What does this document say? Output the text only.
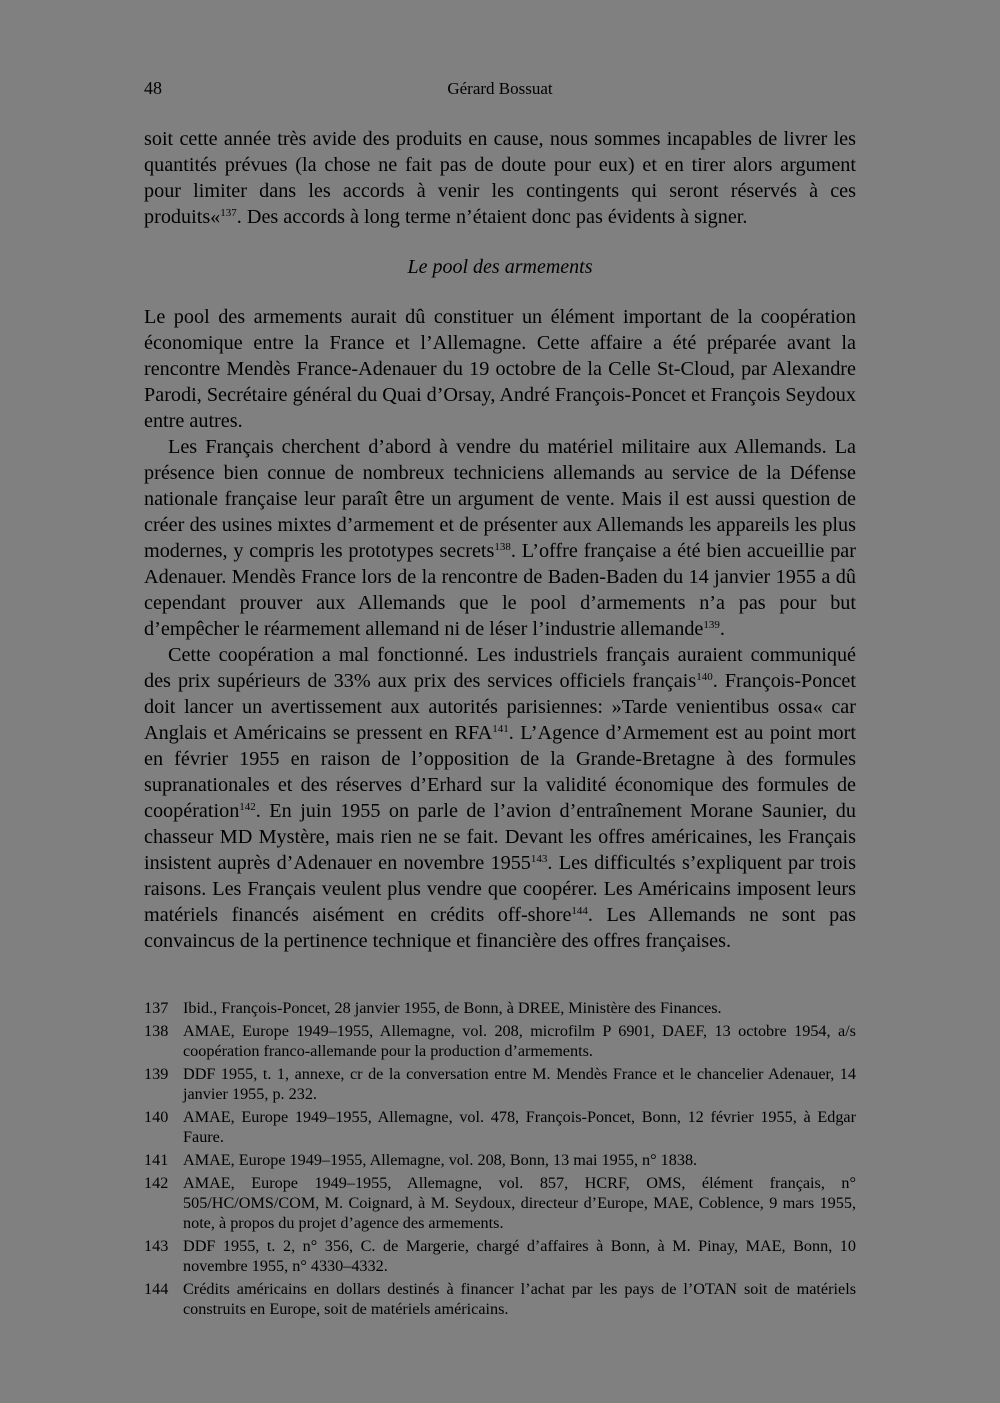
48	Gérard Bossuat

soit cette année très avide des produits en cause, nous sommes incapables de livrer les quantités prévues (la chose ne fait pas de doute pour eux) et en tirer alors argument pour limiter dans les accords à venir les contingents qui seront réservés à ces produits«$^{137}$. Des accords à long terme n’étaient donc pas évidents à signer.

Le pool des armements

Le pool des armements aurait dû constituer un élément important de la coopération économique entre la France et l’Allemagne. Cette affaire a été préparée avant la rencontre Mendès France-Adenauer du 19 octobre de la Celle St-Cloud, par Alexandre Parodi, Secrétaire général du Quai d’Orsay, André François-Poncet et François Seydoux entre autres.

Les Français cherchent d’abord à vendre du matériel militaire aux Allemands. La présence bien connue de nombreux techniciens allemands au service de la Défense nationale française leur paraît être un argument de vente. Mais il est aussi question de créer des usines mixtes d’armement et de présenter aux Allemands les appareils les plus modernes, y compris les prototypes secrets$^{138}$. L’offre française a été bien accueillie par Adenauer. Mendès France lors de la rencontre de Baden-Baden du 14 janvier 1955 a dû cependant prouver aux Allemands que le pool d’armements n’a pas pour but d’empêcher le réarmement allemand ni de léser l’industrie allemande$^{139}$.

Cette coopération a mal fonctionné. Les industriels français auraient communiqué des prix supérieurs de 33% aux prix des services officiels français$^{140}$. François-Poncet doit lancer un avertissement aux autorités parisiennes: »Tarde venientibus ossa« car Anglais et Américains se pressent en RFA$^{141}$. L’Agence d’Armement est au point mort en février 1955 en raison de l’opposition de la Grande-Bretagne à des formules supranationales et des réserves d’Erhard sur la validité économique des formules de coopération$^{142}$. En juin 1955 on parle de l’avion d’entraînement Morane Saunier, du chasseur MD Mystère, mais rien ne se fait. Devant les offres américaines, les Français insistent auprès d’Adenauer en novembre 1955$^{143}$. Les difficultés s’expliquent par trois raisons. Les Français veulent plus vendre que coopérer. Les Américains imposent leurs matériels financés aisément en crédits off-shore$^{144}$. Les Allemands ne sont pas convaincus de la pertinence technique et financière des offres françaises.

137 Ibid., François-Poncet, 28 janvier 1955, de Bonn, à DREE, Ministère des Finances.
138 AMAE, Europe 1949–1955, Allemagne, vol. 208, microfilm P 6901, DAEF, 13 octobre 1954, a/s coopération franco-allemande pour la production d’armements.
139 DDF 1955, t. 1, annexe, cr de la conversation entre M. Mendès France et le chancelier Adenauer, 14 janvier 1955, p. 232.
140 AMAE, Europe 1949–1955, Allemagne, vol. 478, François-Poncet, Bonn, 12 février 1955, à Edgar Faure.
141 AMAE, Europe 1949–1955, Allemagne, vol. 208, Bonn, 13 mai 1955, n° 1838.
142 AMAE, Europe 1949–1955, Allemagne, vol. 857, HCRF, OMS, élément français, n° 505/HC/OMS/COM, M. Coignard, à M. Seydoux, directeur d’Europe, MAE, Coblence, 9 mars 1955, note, à propos du projet d’agence des armements.
143 DDF 1955, t. 2, n° 356, C. de Margerie, chargé d’affaires à Bonn, à M. Pinay, MAE, Bonn, 10 novembre 1955, n° 4330–4332.
144 Crédits américains en dollars destinés à financer l’achat par les pays de l’OTAN soit de matériels construits en Europe, soit de matériels américains.
